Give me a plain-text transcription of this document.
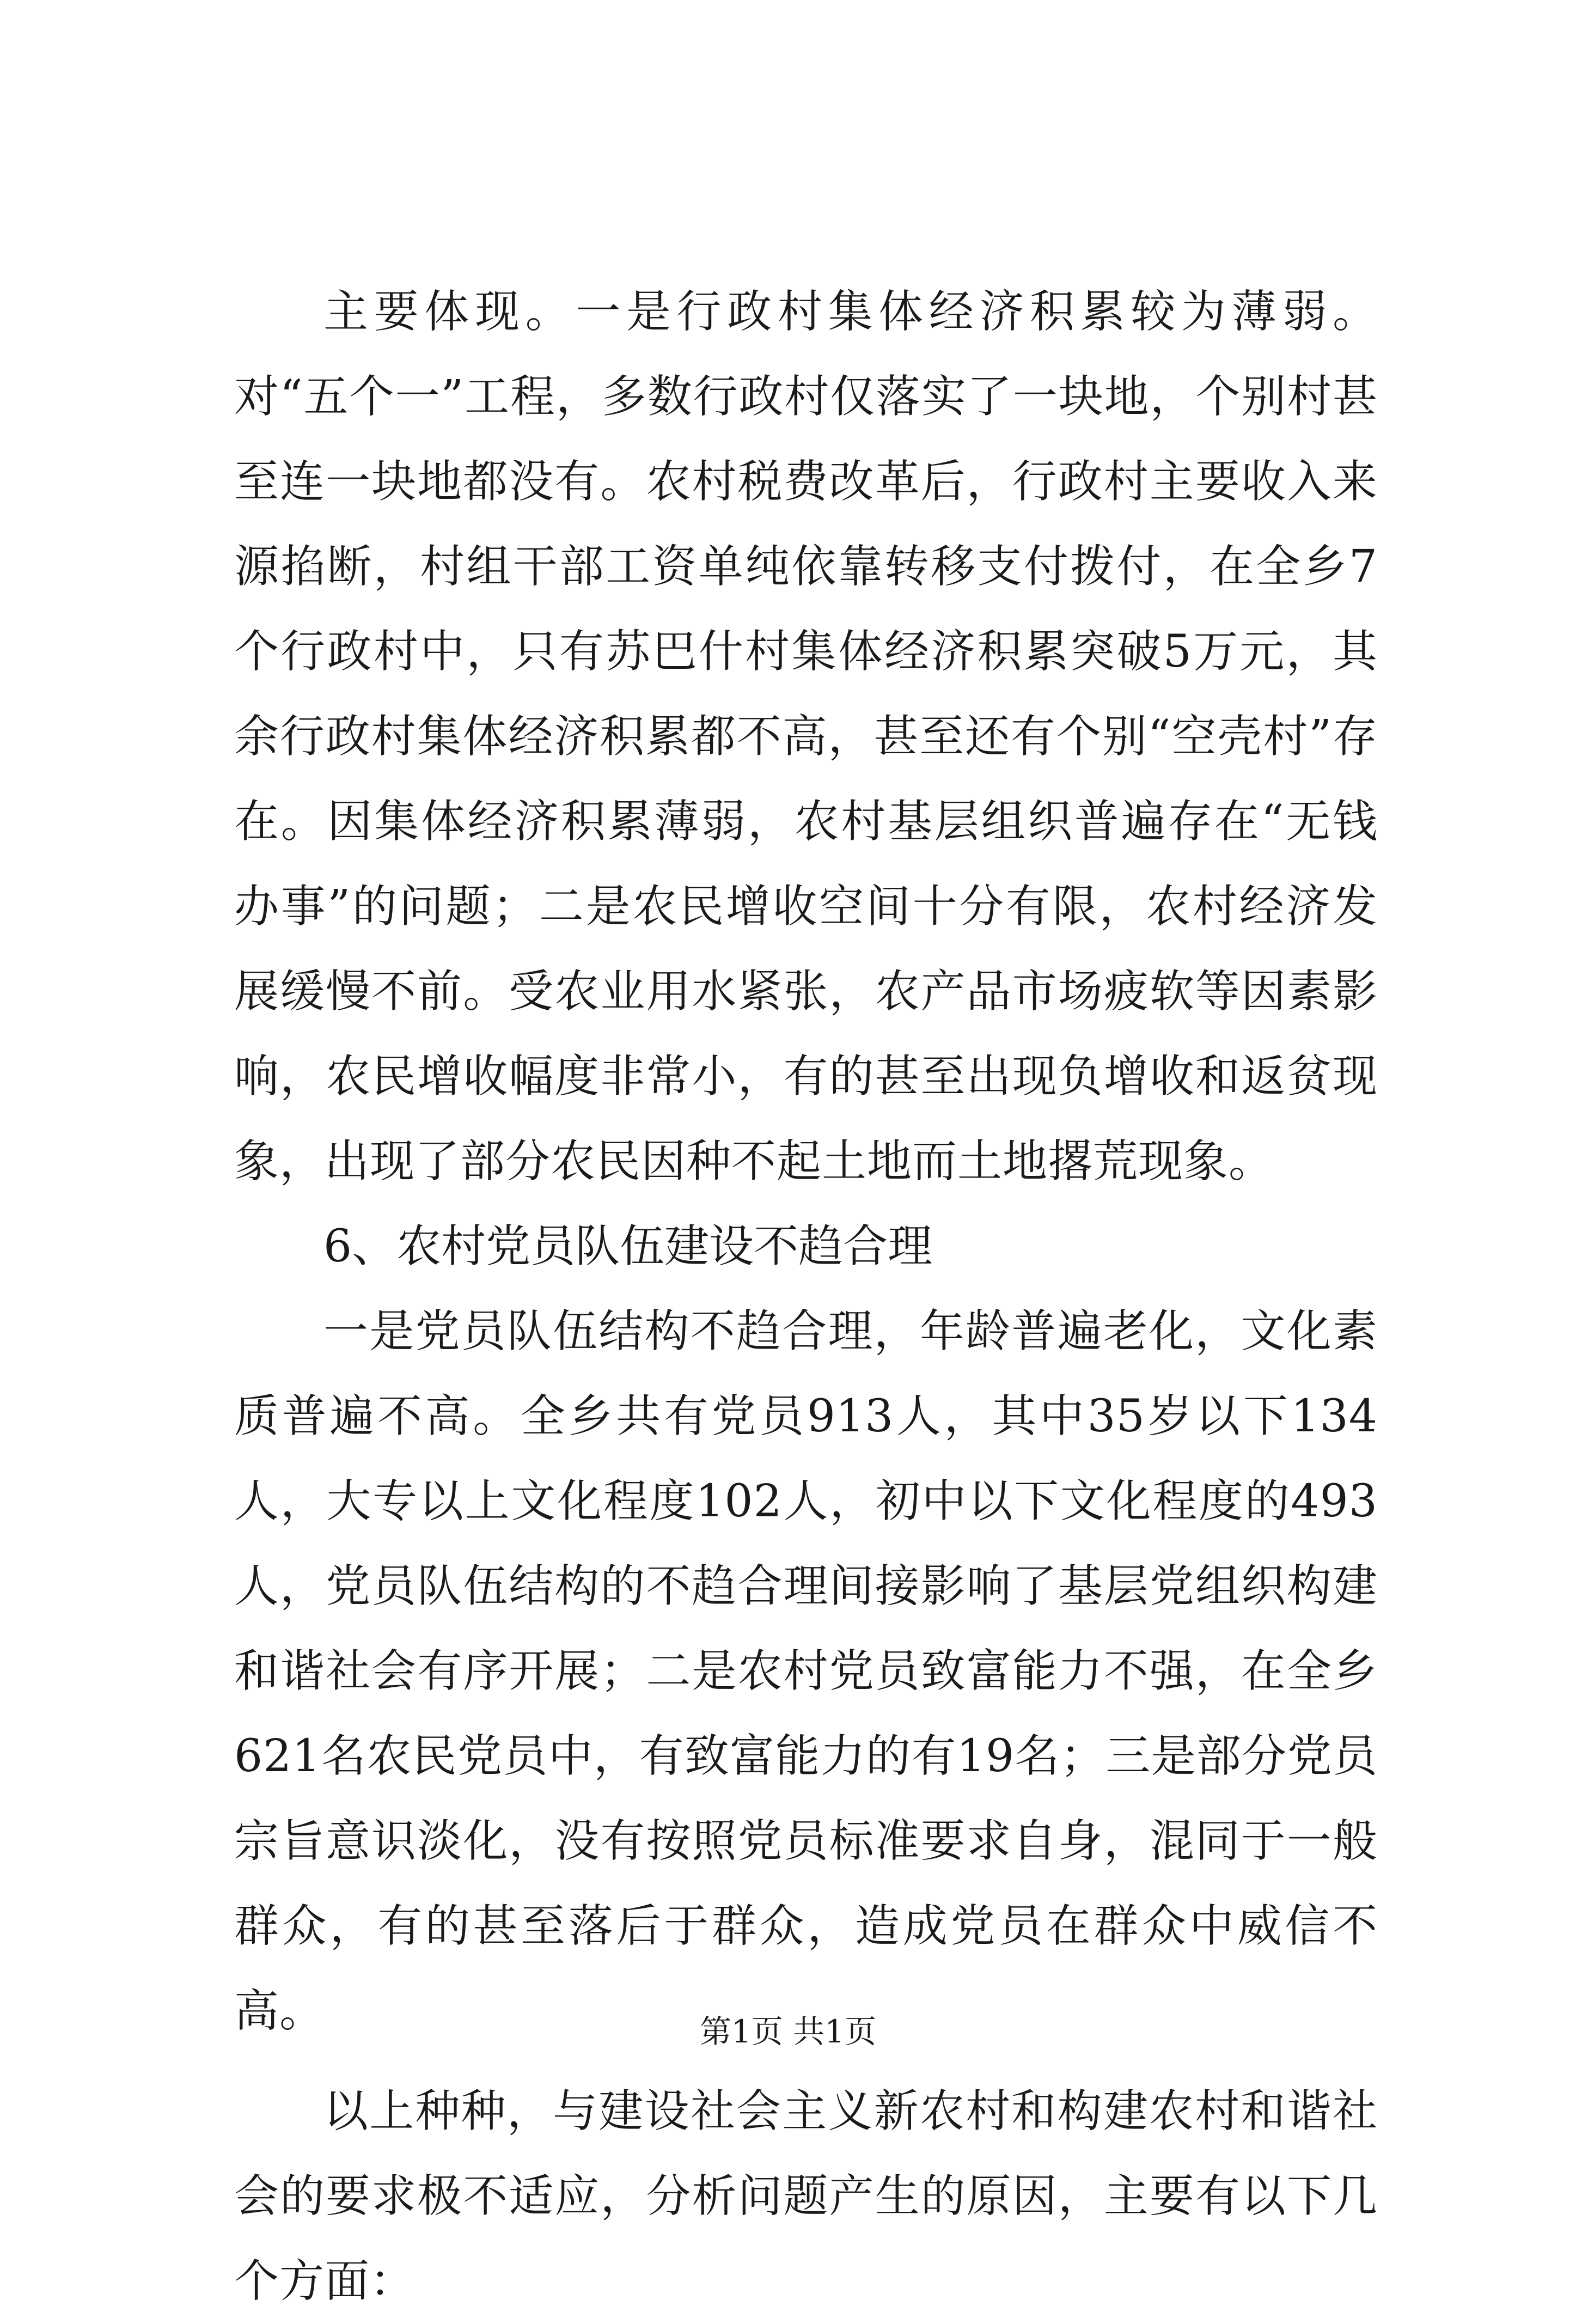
主要体现。一是行政村集体经济积累较为薄弱。对“五个一”工程，多数行政村仅落实了一块地，个别村甚至连一块地都没有。农村税费改革后，行政村主要收入来源掐断，村组干部工资单纯依靠转移支付拨付，在全乡7个行政村中，只有苏巴什村集体经济积累突破5万元，其余行政村集体经济积累都不高，甚至还有个别“空壳村”存在。因集体经济积累薄弱，农村基层组织普遍存在“无钱办事”的问题；二是农民增收空间十分有限，农村经济发展缓慢不前。受农业用水紧张，农产品市场疲软等因素影响，农民增收幅度非常小，有的甚至出现负增收和返贫现象，出现了部分农民因种不起土地而土地撂荒现象。

6、农村党员队伍建设不趋合理

一是党员队伍结构不趋合理，年龄普遍老化，文化素质普遍不高。全乡共有党员913人，其中35岁以下134人，大专以上文化程度102人，初中以下文化程度的493人，党员队伍结构的不趋合理间接影响了基层党组织构建和谐社会有序开展；二是农村党员致富能力不强，在全乡621名农民党员中，有致富能力的有19名；三是部分党员宗旨意识淡化，没有按照党员标准要求自身，混同于一般群众，有的甚至落后于群众，造成党员在群众中威信不高。

以上种种，与建设社会主义新农村和构建农村和谐社会的要求极不适应，分析问题产生的原因，主要有以下几个方面：

第1页 共1页
